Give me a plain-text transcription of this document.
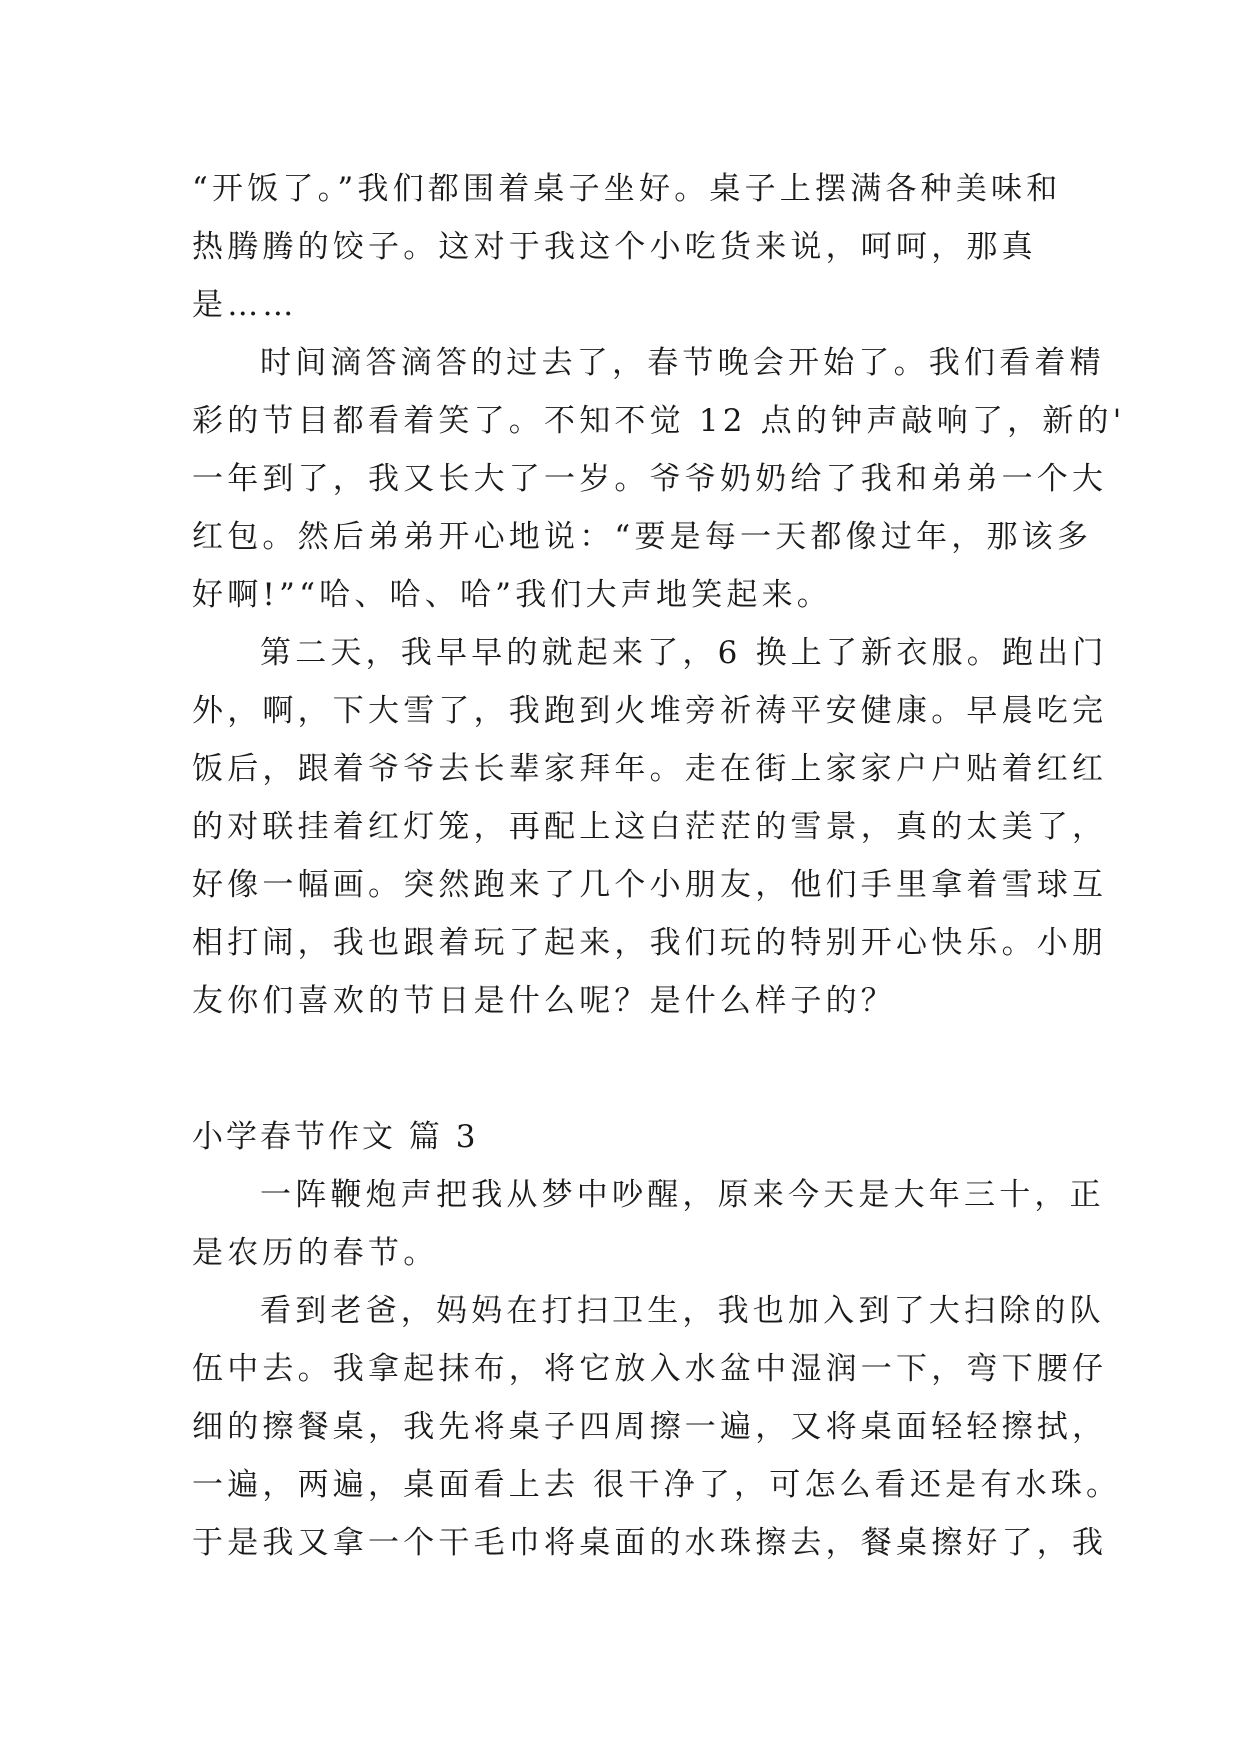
“开饭了。”我们都围着桌子坐好。桌子上摆满各种美味和
热腾腾的饺子。这对于我这个小吃货来说，呵呵，那真
是……
时间滴答滴答的过去了，春节晚会开始了。我们看着精
彩的节目都看着笑了。不知不觉 12 点的钟声敲响了，新的'
一年到了，我又长大了一岁。爷爷奶奶给了我和弟弟一个大
红包。然后弟弟开心地说：“要是每一天都像过年，那该多
好啊!”“哈、哈、哈”我们大声地笑起来。
第二天，我早早的就起来了，6 换上了新衣服。跑出门
外，啊，下大雪了，我跑到火堆旁祈祷平安健康。早晨吃完
饭后，跟着爷爷去长辈家拜年。走在街上家家户户贴着红红
的对联挂着红灯笼，再配上这白茫茫的雪景，真的太美了，
好像一幅画。突然跑来了几个小朋友，他们手里拿着雪球互
相打闹，我也跟着玩了起来，我们玩的特别开心快乐。小朋
友你们喜欢的节日是什么呢？是什么样子的？
小学春节作文 篇 3
一阵鞭炮声把我从梦中吵醒，原来今天是大年三十，正
是农历的春节。
看到老爸，妈妈在打扫卫生，我也加入到了大扫除的队
伍中去。我拿起抹布，将它放入水盆中湿润一下，弯下腰仔
细的擦餐桌，我先将桌子四周擦一遍，又将桌面轻轻擦拭，
一遍，两遍，桌面看上去 很干净了，可怎么看还是有水珠。
于是我又拿一个干毛巾将桌面的水珠擦去，餐桌擦好了，我
